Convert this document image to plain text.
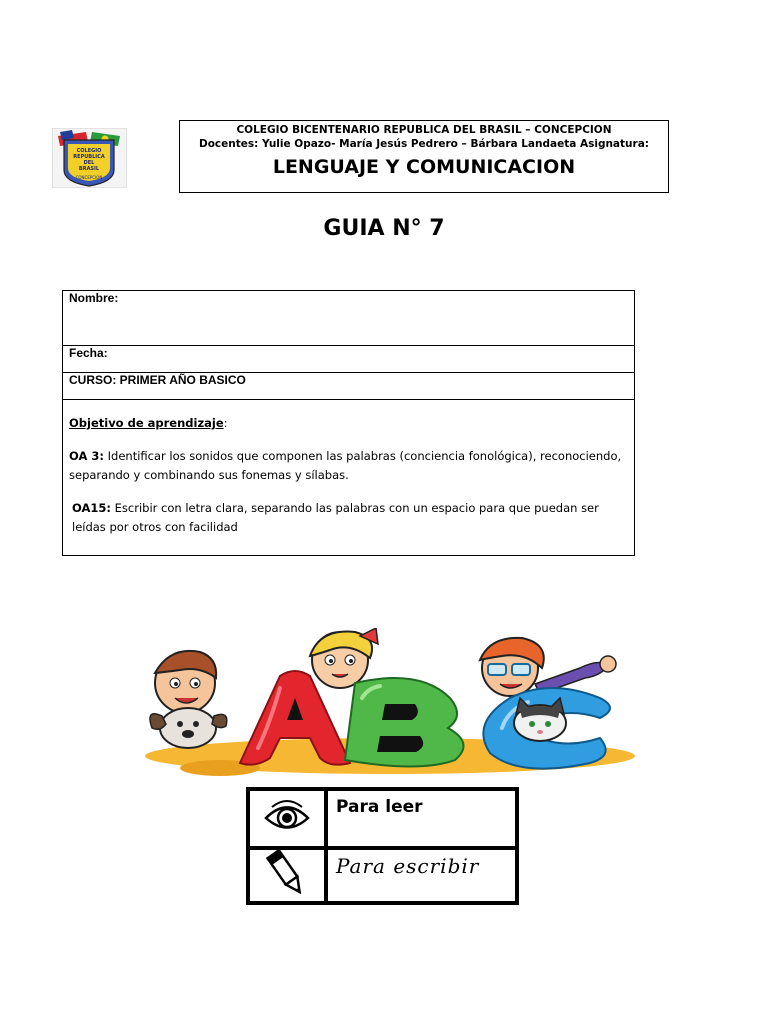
COLEGIO
REPUBLICA
DEL
BRASIL
CONCEPCION
COLEGIO BICENTENARIO REPUBLICA DEL BRASIL – CONCEPCION
Docentes: Yulie Opazo- María Jesús Pedrero – Bárbara Landaeta Asignatura:
LENGUAJE Y COMUNICACION
GUIA N° 7
Nombre:
Fecha:
CURSO: PRIMER AÑO BASICO

Objetivo de aprendizaje:

OA 3: Identificar los sonidos que componen las palabras (conciencia fonológica), reconociendo, separando y combinando sus fonemas y sílabas.

OA15: Escribir con letra clara, separando las palabras con un espacio para que puedan ser leídas por otros con facilidad

Para leer
Para escribir
